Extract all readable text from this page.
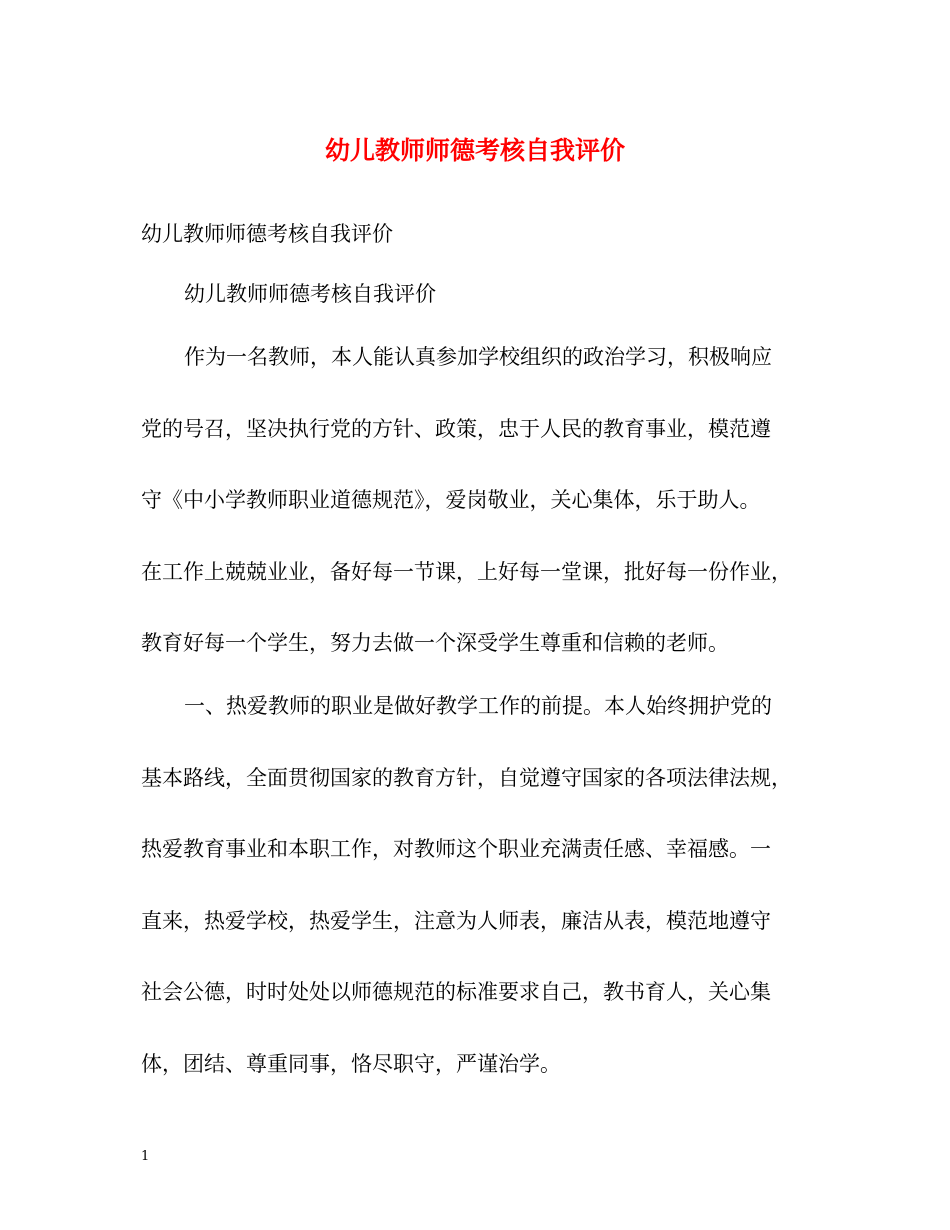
幼儿教师师德考核自我评价
幼儿教师师德考核自我评价
幼儿教师师德考核自我评价
作为一名教师，本人能认真参加学校组织的政治学习，积极响应
党的号召，坚决执行党的方针、政策，忠于人民的教育事业，模范遵
守《中小学教师职业道德规范》，爱岗敬业，关心集体，乐于助人。
在工作上兢兢业业，备好每一节课，上好每一堂课，批好每一份作业，
教育好每一个学生，努力去做一个深受学生尊重和信赖的老师。
一、热爱教师的职业是做好教学工作的前提。本人始终拥护党的
基本路线，全面贯彻国家的教育方针，自觉遵守国家的各项法律法规，
热爱教育事业和本职工作，对教师这个职业充满责任感、幸福感。一
直来，热爱学校，热爱学生，注意为人师表，廉洁从表，模范地遵守
社会公德，时时处处以师德规范的标准要求自己，教书育人，关心集
体，团结、尊重同事，恪尽职守，严谨治学。
1
